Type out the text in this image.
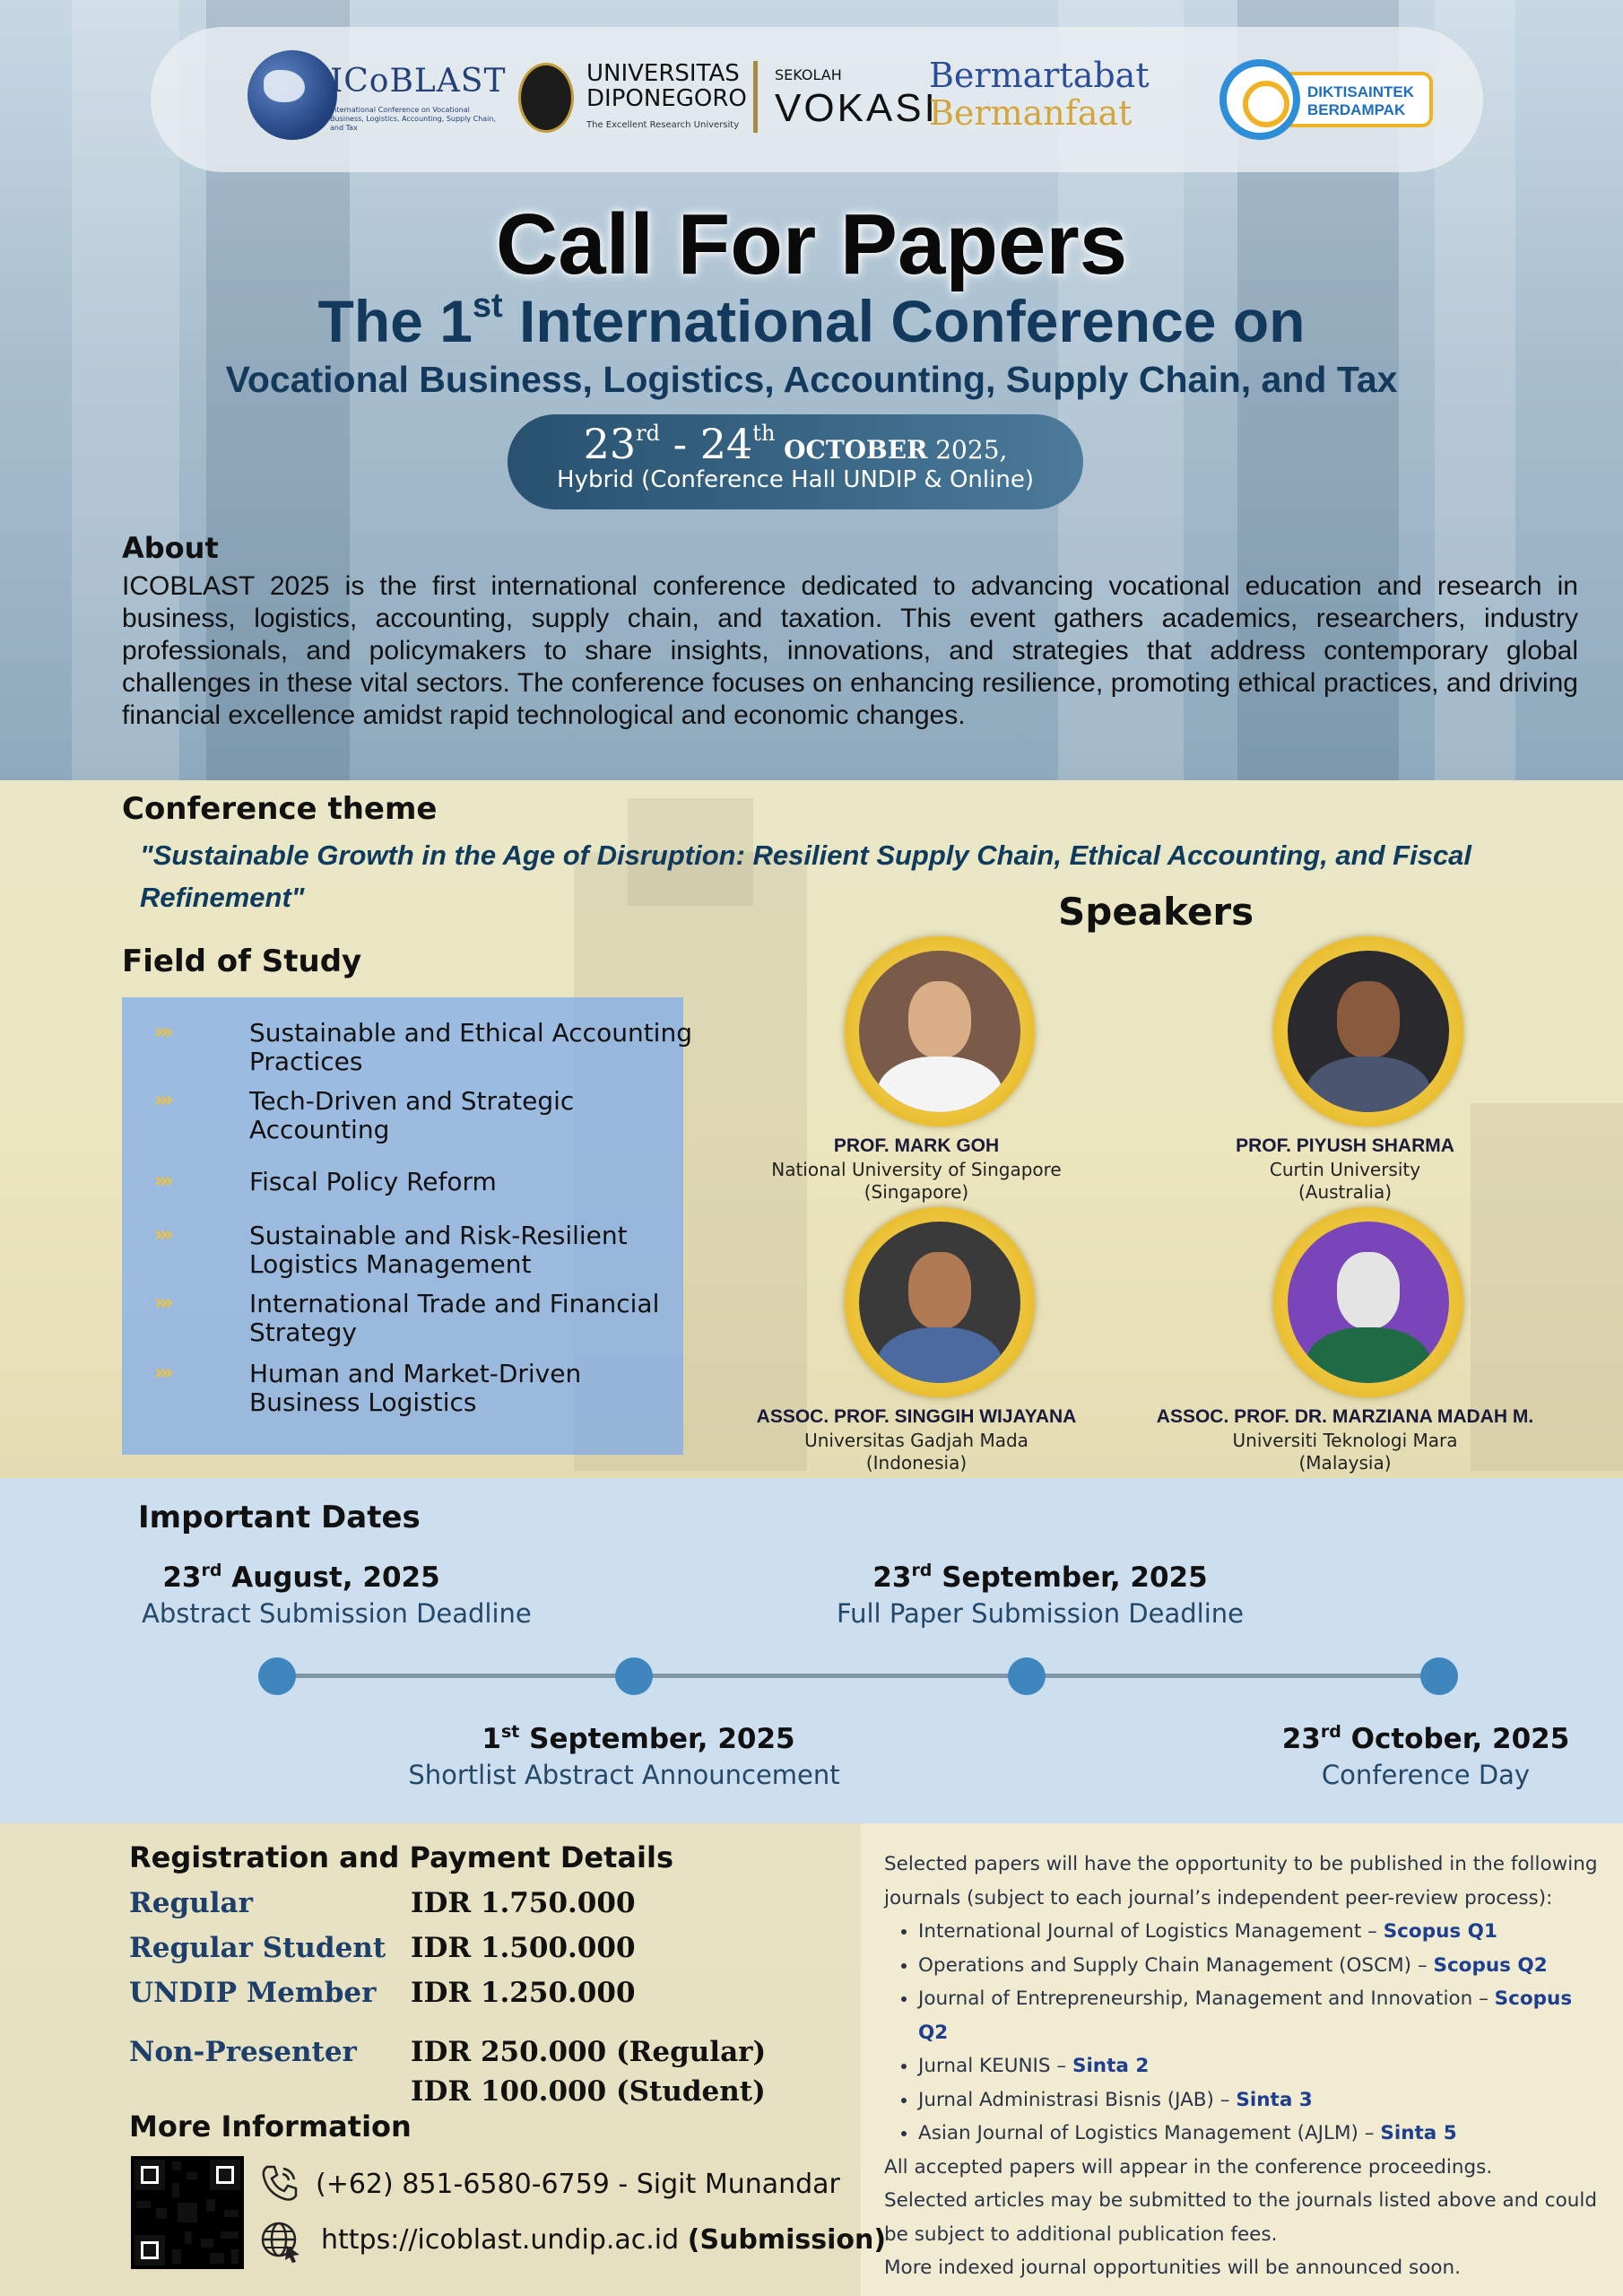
ICoBLAST
International Conference on Vocational Business, Logistics, Accounting, Supply Chain, and Tax
UNIVERSITAS
DIPONEGORO
The Excellent Research University
SEKOLAH
VOKASI
Bermartabat
Bermanfaat
DIKTISAINTEK
BERDAMPAK
Call For Papers
The 1st International Conference on
Vocational Business, Logistics, Accounting, Supply Chain, and Tax
23rd - 24th OCTOBER 2025,
Hybrid (Conference Hall UNDIP & Online)
About
ICOBLAST 2025 is the first international conference dedicated to advancing vocational education and research in business, logistics, accounting, supply chain, and taxation. This event gathers academics, researchers, industry professionals, and policymakers to share insights, innovations, and strategies that address contemporary global challenges in these vital sectors. The conference focuses on enhancing resilience, promoting ethical practices, and driving financial excellence amidst rapid technological and economic changes.
Conference theme
"Sustainable Growth in the Age of Disruption: Resilient Supply Chain, Ethical Accounting, and Fiscal Refinement"
Field of Study
›››	Sustainable and Ethical Accounting Practices
›››	Tech-Driven and Strategic Accounting
›››	Fiscal Policy Reform
›››	Sustainable and Risk-Resilient Logistics Management
›››	International Trade and Financial Strategy
›››	Human and Market-Driven Business Logistics
Speakers
PROF. MARK GOH
National University of Singapore
(Singapore)
PROF. PIYUSH SHARMA
Curtin University
(Australia)
ASSOC. PROF. SINGGIH WIJAYANA
Universitas Gadjah Mada
(Indonesia)
ASSOC. PROF. DR. MARZIANA MADAH M.
Universiti Teknologi Mara
(Malaysia)
Important Dates
23rd August, 2025
Abstract Submission Deadline
1st September, 2025
Shortlist Abstract Announcement
23rd September, 2025
Full Paper Submission Deadline
23rd October, 2025
Conference Day
Registration and Payment Details
Regular	IDR 1.750.000
Regular Student IDR 1.500.000
UNDIP Member IDR 1.250.000
Non-Presenter IDR 250.000 (Regular)
IDR 100.000 (Student)
More Information
(+62) 851-6580-6759 - Sigit Munandar
https://icoblast.undip.ac.id (Submission)
Selected papers will have the opportunity to be published in the following journals (subject to each journal’s independent peer-review process):
• International Journal of Logistics Management – Scopus Q1
• Operations and Supply Chain Management (OSCM) – Scopus Q2
• Journal of Entrepreneurship, Management and Innovation – Scopus Q2
• Jurnal KEUNIS – Sinta 2
• Jurnal Administrasi Bisnis (JAB) – Sinta 3
• Asian Journal of Logistics Management (AJLM) – Sinta 5
All accepted papers will appear in the conference proceedings.
Selected articles may be submitted to the journals listed above and could be subject to additional publication fees.
More indexed journal opportunities will be announced soon.
